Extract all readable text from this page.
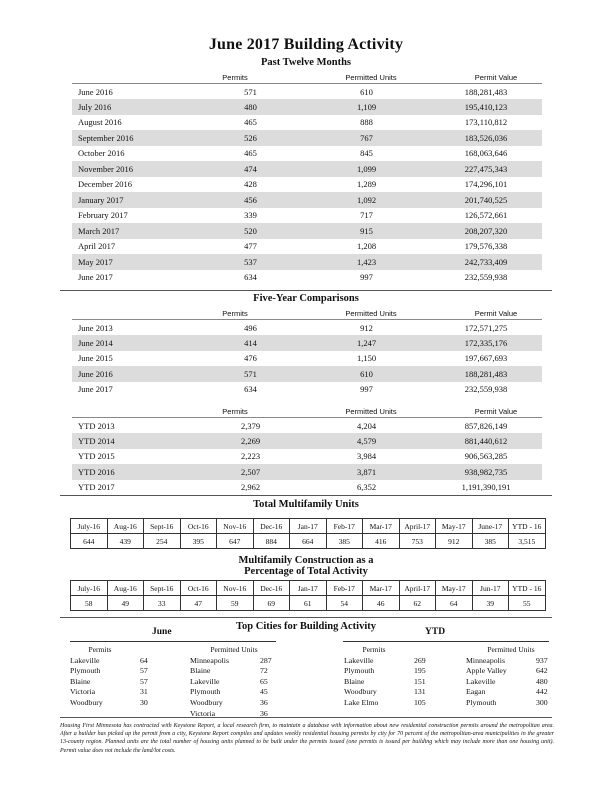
June 2017 Building Activity
Past Twelve Months
Permits	Permitted Units	Permit Value
June 2016	571	610	188,281,483
July 2016	480	1,109	195,410,123
August 2016	465	888	173,110,812
September 2016	526	767	183,526,036
October 2016	465	845	168,063,646
November 2016	474	1,099	227,475,343
December 2016	428	1,289	174,296,101
January 2017	456	1,092	201,740,525
February 2017	339	717	126,572,661
March 2017	520	915	208,207,320
April 2017	477	1,208	179,576,338
May 2017	537	1,423	242,733,409
June 2017	634	997	232,559,938
Five-Year Comparisons
Permits	Permitted Units	Permit Value
June 2013	496	912	172,571,275
June 2014	414	1,247	172,335,176
June 2015	476	1,150	197,667,693
June 2016	571	610	188,281,483
June 2017	634	997	232,559,938
Permits	Permitted Units	Permit Value
YTD 2013	2,379	4,204	857,826,149
YTD 2014	2,269	4,579	881,440,612
YTD 2015	2,223	3,984	906,563,285
YTD 2016	2,507	3,871	938,982,735
YTD 2017	2,962	6,352	1,191,390,191
Total Multifamily Units
July-16	Aug-16	Sept-16	Oct-16	Nov-16	Dec-16	Jan-17	Feb-17	Mar-17	April-17	May-17	June-17	YTD - 16
644	439	254	395	647	884	664	385	416	753	912	385	3,515
Multifamily Construction as a
Percentage of Total Activity
July-16	Aug-16	Sept-16	Oct-16	Nov-16	Dec-16	Jan-17	Feb-17	Mar-17	April-17	May-17	Jun-17	YTD - 16
58	49	33	47	59	69	61	54	46	62	64	39	55
Top Cities for Building Activity
June	YTD
Permits
Lakeville	64
Plymouth	57
Blaine	57
Victoria	31
Woodbury	30
Permitted Units
Minneapolis	287
Blaine	72
Lakeville	65
Plymouth	45
Woodbury	36
Victoria	36
Permits
Lakeville	269
Plymouth	195
Blaine	151
Woodbury	131
Lake Elmo	105
Permitted Units
Minneapolis	937
Apple Valley	642
Lakeville	480
Eagan	442
Plymouth	300
Housing First Minnesota has contracted with Keystone Report, a local research firm, to maintain a database with information about new residential construction permits around the metropolitan area. After a builder has picked up the permit from a city, Keystone Report compiles and updates weekly residential housing permits by city for 70 percent of the metropolitan-area municipalities in the greater 13-county region. Planned units are the total number of housing units planned to be built under the permits issued (one permits is issued per building which may include more than one housing unit). Permit value does not include the land/lot costs.
